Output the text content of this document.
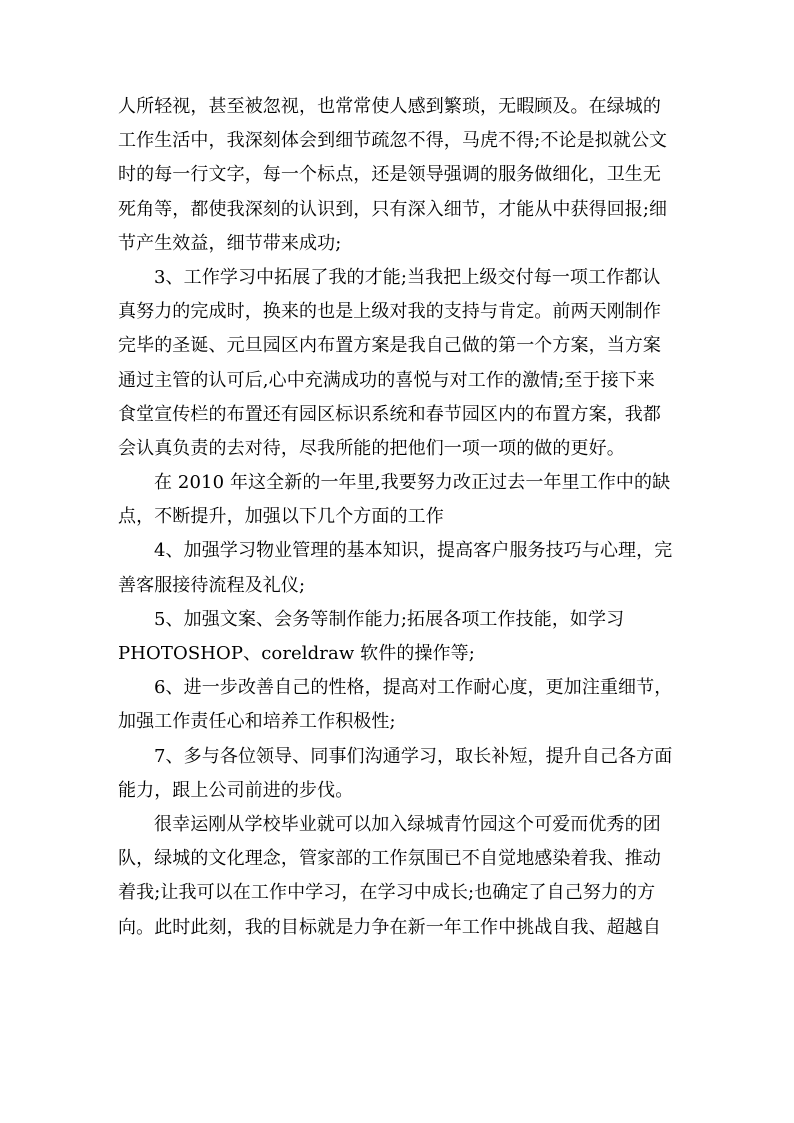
人所轻视，甚至被忽视，也常常使人感到繁琐，无暇顾及。在绿城的
工作生活中，我深刻体会到细节疏忽不得，马虎不得;不论是拟就公文
时的每一行文字，每一个标点，还是领导强调的服务做细化，卫生无
死角等，都使我深刻的认识到，只有深入细节，才能从中获得回报;细
节产生效益，细节带来成功;

3、工作学习中拓展了我的才能;当我把上级交付每一项工作都认
真努力的完成时，换来的也是上级对我的支持与肯定。前两天刚制作
完毕的圣诞、元旦园区内布置方案是我自己做的第一个方案，当方案
通过主管的认可后,心中充满成功的喜悦与对工作的激情;至于接下来
食堂宣传栏的布置还有园区标识系统和春节园区内的布置方案，我都
会认真负责的去对待，尽我所能的把他们一项一项的做的更好。

在 2010 年这全新的一年里,我要努力改正过去一年里工作中的缺
点，不断提升，加强以下几个方面的工作

4、加强学习物业管理的基本知识，提高客户服务技巧与心理，完
善客服接待流程及礼仪;

5、加强文案、会务等制作能力;拓展各项工作技能，如学习
PHOTOSHOP、coreldraw 软件的操作等;

6、进一步改善自己的性格，提高对工作耐心度，更加注重细节，
加强工作责任心和培养工作积极性;

7、多与各位领导、同事们沟通学习，取长补短，提升自己各方面
能力，跟上公司前进的步伐。

很幸运刚从学校毕业就可以加入绿城青竹园这个可爱而优秀的团
队，绿城的文化理念，管家部的工作氛围已不自觉地感染着我、推动
着我;让我可以在工作中学习，在学习中成长;也确定了自己努力的方
向。此时此刻，我的目标就是力争在新一年工作中挑战自我、超越自
